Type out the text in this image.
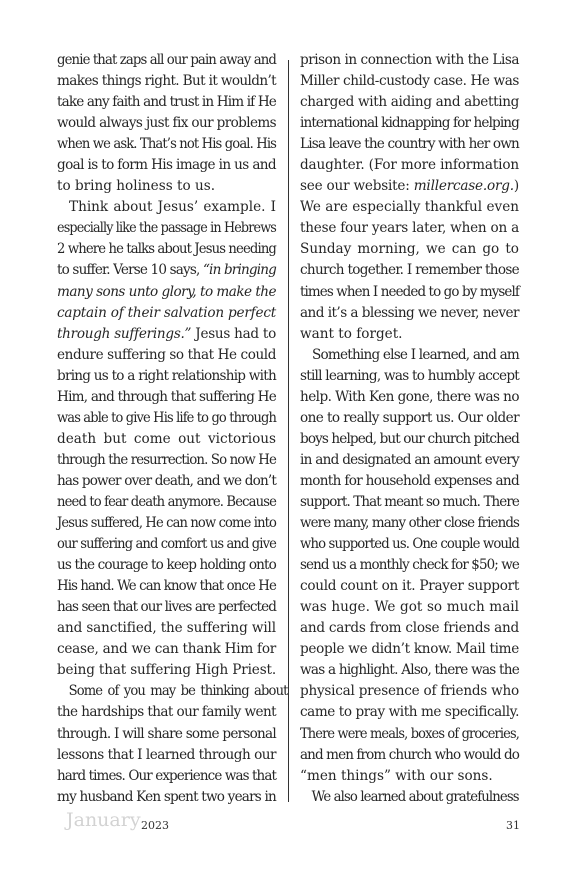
genie that zaps all our pain away and
makes things right. But it wouldn’t
take any faith and trust in Him if He
would always just fix our problems
when we ask. That’s not His goal. His
goal is to form His image in us and
to bring holiness to us.
Think about Jesus’ example. I
especially like the passage in Hebrews
2 where he talks about Jesus needing
to suffer. Verse 10 says, “in bringing
many sons unto glory, to make the
captain of their salvation perfect
through sufferings.” Jesus had to
endure suffering so that He could
bring us to a right relationship with
Him, and through that suffering He
was able to give His life to go through
death but come out victorious
through the resurrection. So now He
has power over death, and we don’t
need to fear death anymore. Because
Jesus suffered, He can now come into
our suffering and comfort us and give
us the courage to keep holding onto
His hand. We can know that once He
has seen that our lives are perfected
and sanctified, the suffering will
cease, and we can thank Him for
being that suffering High Priest.
Some of you may be thinking about
the hardships that our family went
through. I will share some personal
lessons that I learned through our
hard times. Our experience was that
my husband Ken spent two years in
prison in connection with the Lisa
Miller child-custody case. He was
charged with aiding and abetting
international kidnapping for helping
Lisa leave the country with her own
daughter. (For more information
see our website: millercase.org.)
We are especially thankful even
these four years later, when on a
Sunday morning, we can go to
church together. I remember those
times when I needed to go by myself
and it’s a blessing we never, never
want to forget.
Something else I learned, and am
still learning, was to humbly accept
help. With Ken gone, there was no
one to really support us. Our older
boys helped, but our church pitched
in and designated an amount every
month for household expenses and
support. That meant so much. There
were many, many other close friends
who supported us. One couple would
send us a monthly check for $50; we
could count on it. Prayer support
was huge. We got so much mail
and cards from close friends and
people we didn’t know. Mail time
was a highlight. Also, there was the
physical presence of friends who
came to pray with me specifically.
There were meals, boxes of groceries,
and men from church who would do
“men things” with our sons.
We also learned about gratefulness
January 2023	31
